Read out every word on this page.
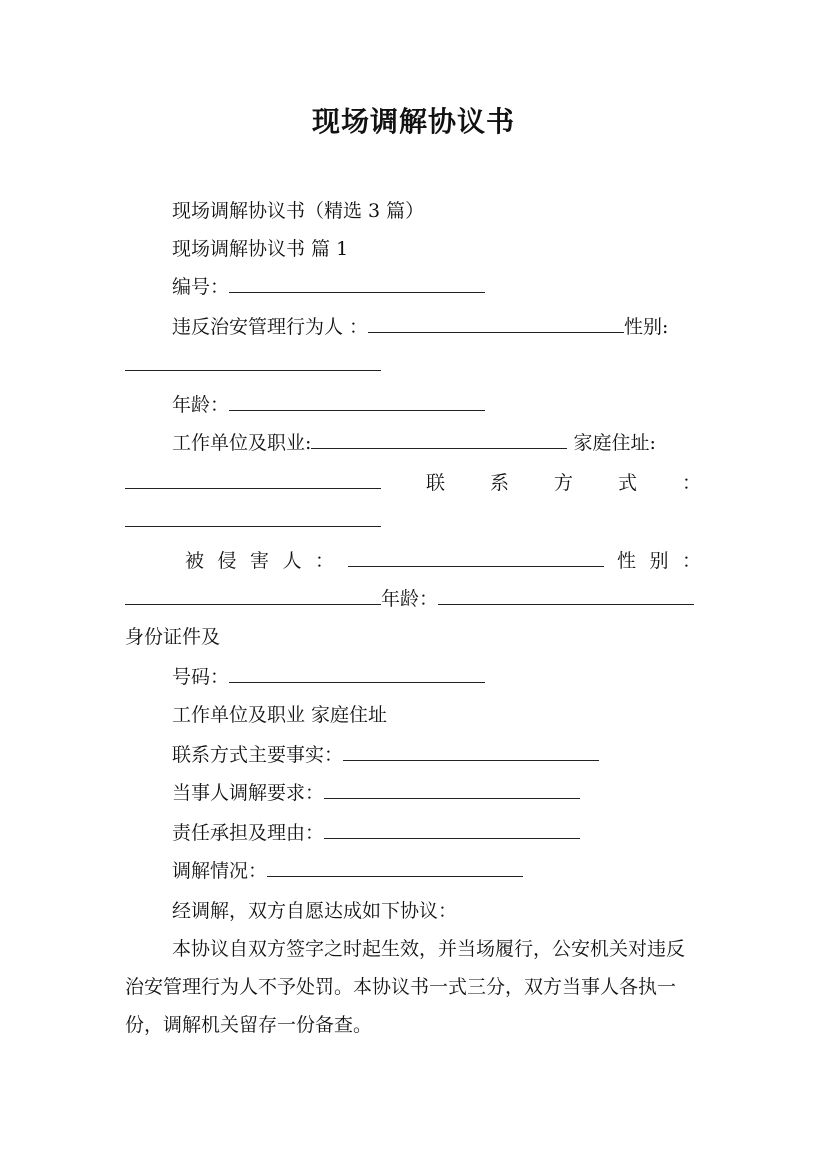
现场调解协议书
现场调解协议书（精选 3 篇）
现场调解协议书 篇 1
编号：
违反治安管理行为人 ：	性别:
年龄：
工作单位及职业:	家庭住址:
联 系 方 式 ：
被 侵 害 人 ：	性 别 ：
年龄：
身份证件及
号码：
工作单位及职业 家庭住址
联系方式主要事实：
当事人调解要求：
责任承担及理由：
调解情况：
经调解，双方自愿达成如下协议：
本协议自双方签字之时起生效，并当场履行，公安机关对违反治安管理行为人不予处罚。本协议书一式三分，双方当事人各执一份，调解机关留存一份备查。
